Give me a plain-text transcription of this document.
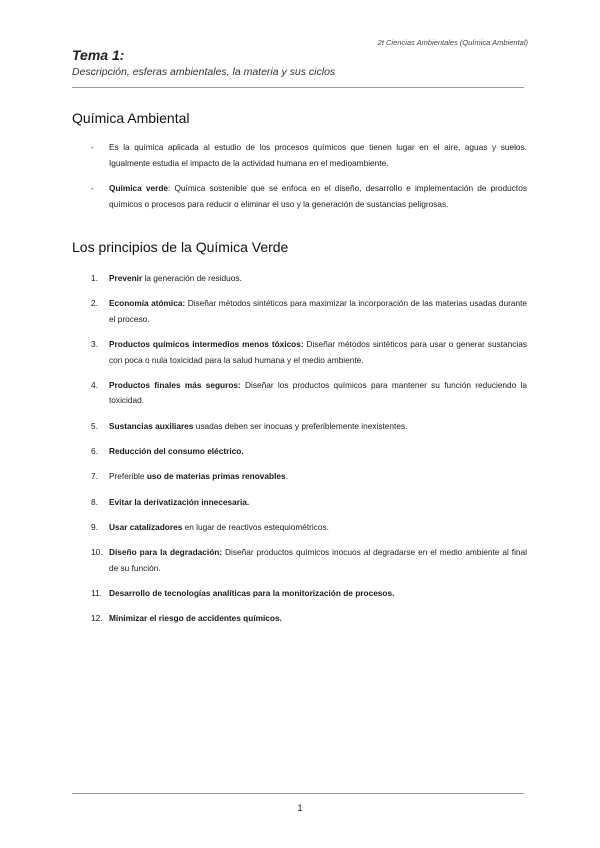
2t Ciencias Ambientales (Química Ambiental)
Tema 1:
Descripción, esferas ambientales, la materia y sus ciclos
Química Ambiental
- Es la química aplicada al estudio de los procesos químicos que tienen lugar en el aire, aguas y suelos. Igualmente estudia el impacto de la actividad humana en el medioambiente.
- Química verde: Química sostenible que se enfoca en el diseño, desarrollo e implementación de productos químicos o procesos para reducir o eliminar el uso y la generación de sustancias peligrosas.
Los principios de la Química Verde
1. Prevenir la generación de residuos.
2. Economía atómica: Diseñar métodos sintéticos para maximizar la incorporación de las materias usadas durante el proceso.
3. Productos químicos intermedios menos tóxicos: Diseñar métodos sintéticos para usar o generar sustancias con poca o nula toxicidad para la salud humana y el medio ambiente.
4. Productos finales más seguros: Diseñar los productos químicos para mantener su función reduciendo la toxicidad.
5. Sustancias auxiliares usadas deben ser inocuas y preferiblemente inexistentes.
6. Reducción del consumo eléctrico.
7. Preferible uso de materias primas renovables.
8. Evitar la derivatización innecesaria.
9. Usar catalizadores en lugar de reactivos estequiométricos.
10. Diseño para la degradación: Diseñar productos químicos inocuos al degradarse en el medio ambiente al final de su función.
11. Desarrollo de tecnologías analíticas para la monitorización de procesos.
12. Minimizar el riesgo de accidentes químicos.
1
